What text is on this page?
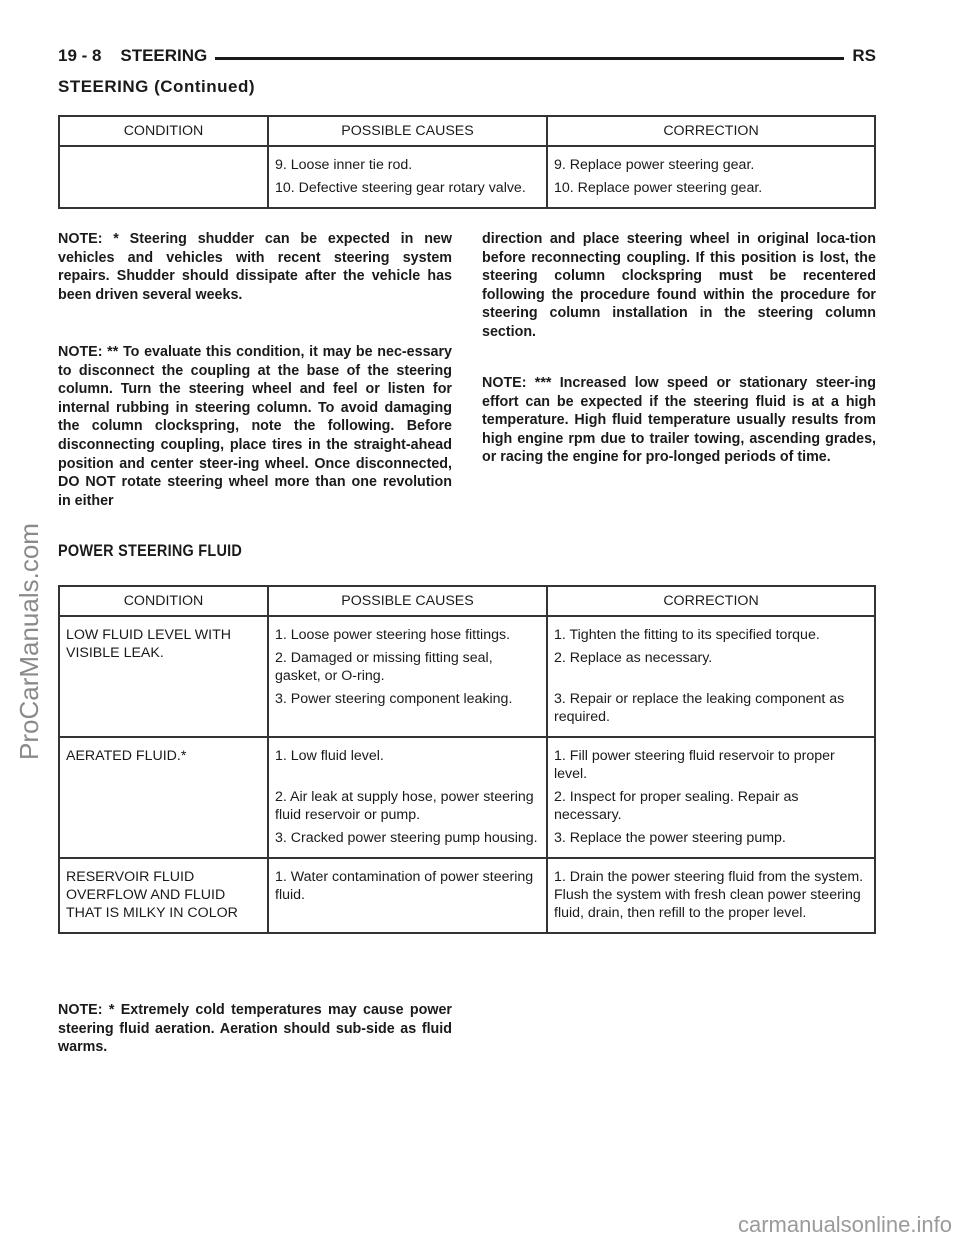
19 - 8    STEERING	RS
STEERING (Continued)
CONDITION	POSSIBLE CAUSES	CORRECTION
	9. Loose inner tie rod.	9. Replace power steering gear.
	10. Defective steering gear rotary valve.	10. Replace power steering gear.

NOTE: * Steering shudder can be expected in new vehicles and vehicles with recent steering system repairs. Shudder should dissipate after the vehicle has been driven several weeks.

NOTE: ** To evaluate this condition, it may be nec-essary to disconnect the coupling at the base of the steering column. Turn the steering wheel and feel or listen for internal rubbing in steering column. To avoid damaging the column clockspring, note the following. Before disconnecting coupling, place tires in the straight-ahead position and center steer-ing wheel. Once disconnected, DO NOT rotate steering wheel more than one revolution in either

direction and place steering wheel in original loca-tion before reconnecting coupling. If this position is lost, the steering column clockspring must be recentered following the procedure found within the procedure for steering column installation in the steering column section.

NOTE: *** Increased low speed or stationary steer-ing effort can be expected if the steering fluid is at a high temperature. High fluid temperature usually results from high engine rpm due to trailer towing, ascending grades, or racing the engine for pro-longed periods of time.

POWER STEERING FLUID
CONDITION	POSSIBLE CAUSES	CORRECTION

LOW FLUID LEVEL WITH VISIBLE LEAK.	1. Loose power steering hose fittings.	1. Tighten the fitting to its specified torque.
	2. Damaged or missing fitting seal, gasket, or O-ring.	2. Replace as necessary.
	3. Power steering component leaking.	3. Repair or replace the leaking component as required.

AERATED FLUID.*	1. Low fluid level.	1. Fill power steering fluid reservoir to proper level.
	2. Air leak at supply hose, power steering fluid reservoir or pump.	2. Inspect for proper sealing. Repair as necessary.
	3. Cracked power steering pump housing.	3. Replace the power steering pump.

RESERVOIR FLUID OVERFLOW AND FLUID THAT IS MILKY IN COLOR	1. Water contamination of power steering fluid.	1. Drain the power steering fluid from the system. Flush the system with fresh clean power steering fluid, drain, then refill to the proper level.

NOTE: * Extremely cold temperatures may cause power steering fluid aeration. Aeration should sub-side as fluid warms.

ProCarManuals.com
carmanualsonline.info
